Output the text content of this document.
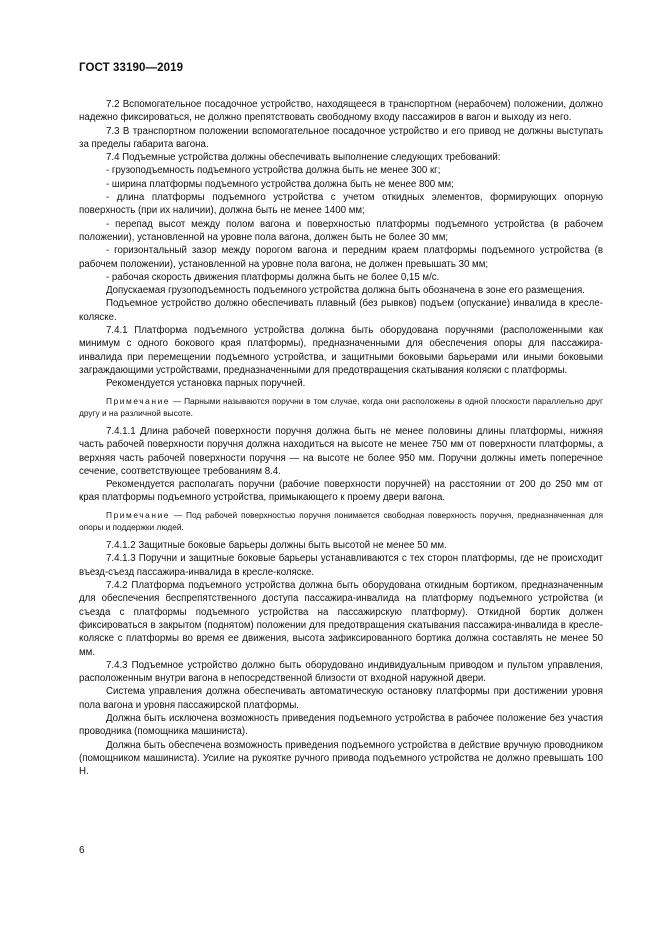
ГОСТ 33190—2019

7.2 Вспомогательное посадочное устройство, находящееся в транспортном (нерабочем) положении, должно надежно фиксироваться, не должно препятствовать свободному входу пассажиров в вагон и выходу из него.

7.3 В транспортном положении вспомогательное посадочное устройство и его привод не должны выступать за пределы габарита вагона.

7.4 Подъемные устройства должны обеспечивать выполнение следующих требований:

- грузоподъемность подъемного устройства должна быть не менее 300 кг;

- ширина платформы подъемного устройства должна быть не менее 800 мм;

- длина платформы подъемного устройства с учетом откидных элементов, формирующих опорную поверхность (при их наличии), должна быть не менее 1400 мм;

- перепад высот между полом вагона и поверхностью платформы подъемного устройства (в рабочем положении), установленной на уровне пола вагона, должен быть не более 30 мм;

- горизонтальный зазор между порогом вагона и передним краем платформы подъемного устройства (в рабочем положении), установленной на уровне пола вагона, не должен превышать 30 мм;

- рабочая скорость движения платформы должна быть не более 0,15 м/с.

Допускаемая грузоподъемность подъемного устройства должна быть обозначена в зоне его размещения.

Подъемное устройство должно обеспечивать плавный (без рывков) подъем (опускание) инвалида в кресле-коляске.

7.4.1 Платформа подъемного устройства должна быть оборудована поручнями (расположенными как минимум с одного бокового края платформы), предназначенными для обеспечения опоры для пассажира-инвалида при перемещении подъемного устройства, и защитными боковыми барьерами или иными боковыми заграждающими устройствами, предназначенными для предотвращения скатывания коляски с платформы.

Рекомендуется установка парных поручней.

Примечание — Парными называются поручни в том случае, когда они расположены в одной плоскости параллельно друг другу и на различной высоте.

7.4.1.1 Длина рабочей поверхности поручня должна быть не менее половины длины платформы, нижняя часть рабочей поверхности поручня должна находиться на высоте не менее 750 мм от поверхности платформы, а верхняя часть рабочей поверхности поручня — на высоте не более 950 мм. Поручни должны иметь поперечное сечение, соответствующее требованиям 8.4.

Рекомендуется располагать поручни (рабочие поверхности поручней) на расстоянии от 200 до 250 мм от края платформы подъемного устройства, примыкающего к проему двери вагона.

Примечание — Под рабочей поверхностью поручня понимается свободная поверхность поручня, предназначенная для опоры и поддержки людей.

7.4.1.2 Защитные боковые барьеры должны быть высотой не менее 50 мм.

7.4.1.3 Поручни и защитные боковые барьеры устанавливаются с тех сторон платформы, где не происходит въезд-съезд пассажира-инвалида в кресле-коляске.

7.4.2 Платформа подъемного устройства должна быть оборудована откидным бортиком, предназначенным для обеспечения беспрепятственного доступа пассажира-инвалида на платформу подъемного устройства (и съезда с платформы подъемного устройства на пассажирскую платформу). Откидной бортик должен фиксироваться в закрытом (поднятом) положении для предотвращения скатывания пассажира-инвалида в кресле-коляске с платформы во время ее движения, высота зафиксированного бортика должна составлять не менее 50 мм.

7.4.3 Подъемное устройство должно быть оборудовано индивидуальным приводом и пультом управления, расположенным внутри вагона в непосредственной близости от входной наружной двери.

Система управления должна обеспечивать автоматическую остановку платформы при достижении уровня пола вагона и уровня пассажирской платформы.

Должна быть исключена возможность приведения подъемного устройства в рабочее положение без участия проводника (помощника машиниста).

Должна быть обеспечена возможность приведения подъемного устройства в действие вручную проводником (помощником машиниста). Усилие на рукоятке ручного привода подъемного устройства не должно превышать 100 Н.

6
